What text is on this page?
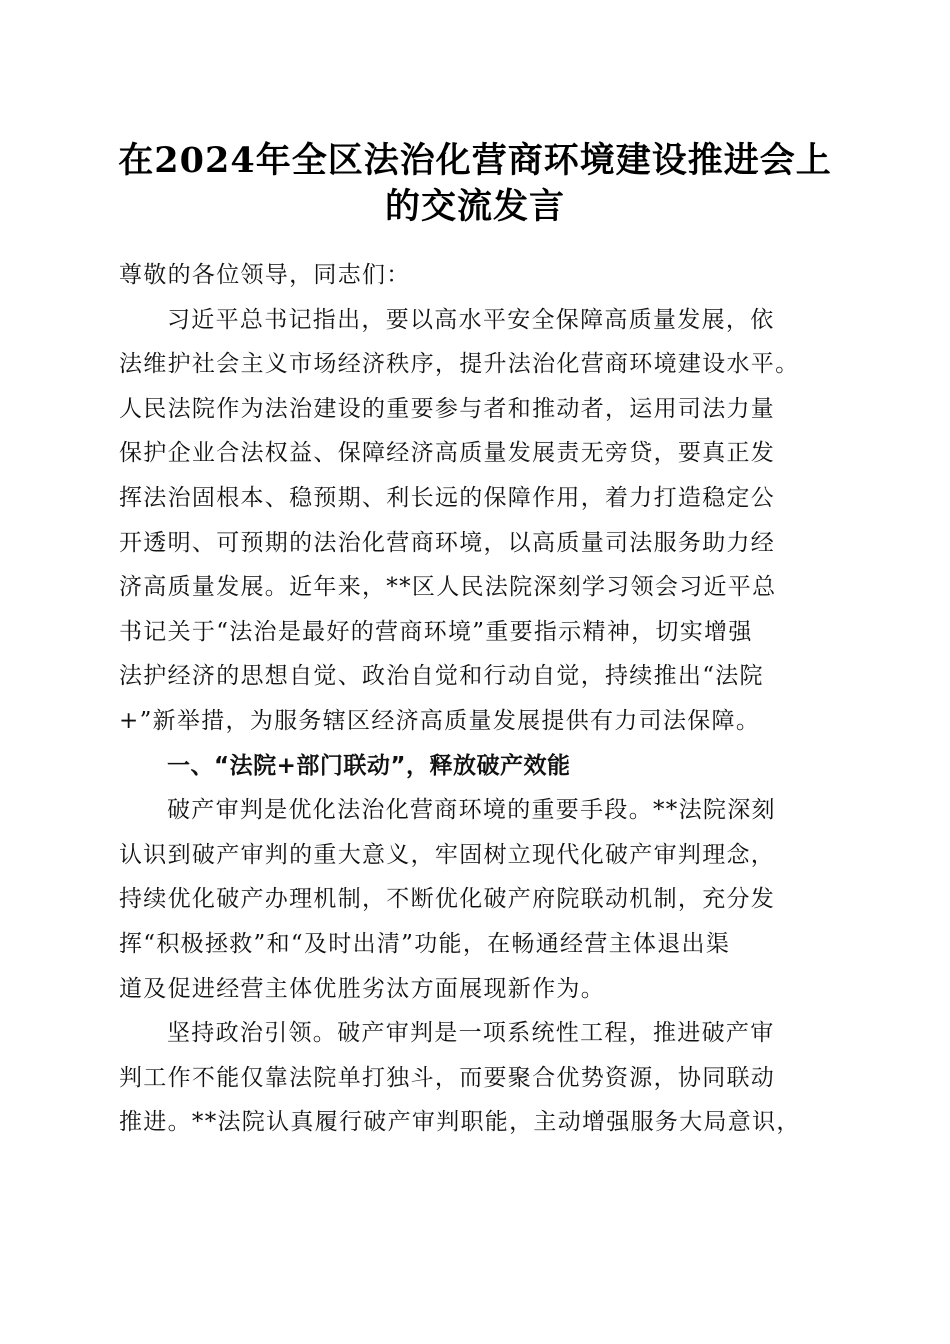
在2024年全区法治化营商环境建设推进会上
的交流发言
尊敬的各位领导，同志们：
习近平总书记指出，要以高水平安全保障高质量发展，依
法维护社会主义市场经济秩序，提升法治化营商环境建设水平。
人民法院作为法治建设的重要参与者和推动者，运用司法力量
保护企业合法权益、保障经济高质量发展责无旁贷，要真正发
挥法治固根本、稳预期、利长远的保障作用，着力打造稳定公
开透明、可预期的法治化营商环境，以高质量司法服务助力经
济高质量发展。近年来，**区人民法院深刻学习领会习近平总
书记关于“法治是最好的营商环境”重要指示精神，切实增强
法护经济的思想自觉、政治自觉和行动自觉，持续推出“法院
+”新举措，为服务辖区经济高质量发展提供有力司法保障。
一、“法院+部门联动”，释放破产效能
破产审判是优化法治化营商环境的重要手段。**法院深刻
认识到破产审判的重大意义，牢固树立现代化破产审判理念，
持续优化破产办理机制，不断优化破产府院联动机制，充分发
挥“积极拯救”和“及时出清”功能，在畅通经营主体退出渠
道及促进经营主体优胜劣汰方面展现新作为。
坚持政治引领。破产审判是一项系统性工程，推进破产审
判工作不能仅靠法院单打独斗，而要聚合优势资源，协同联动
推进。**法院认真履行破产审判职能，主动增强服务大局意识，
